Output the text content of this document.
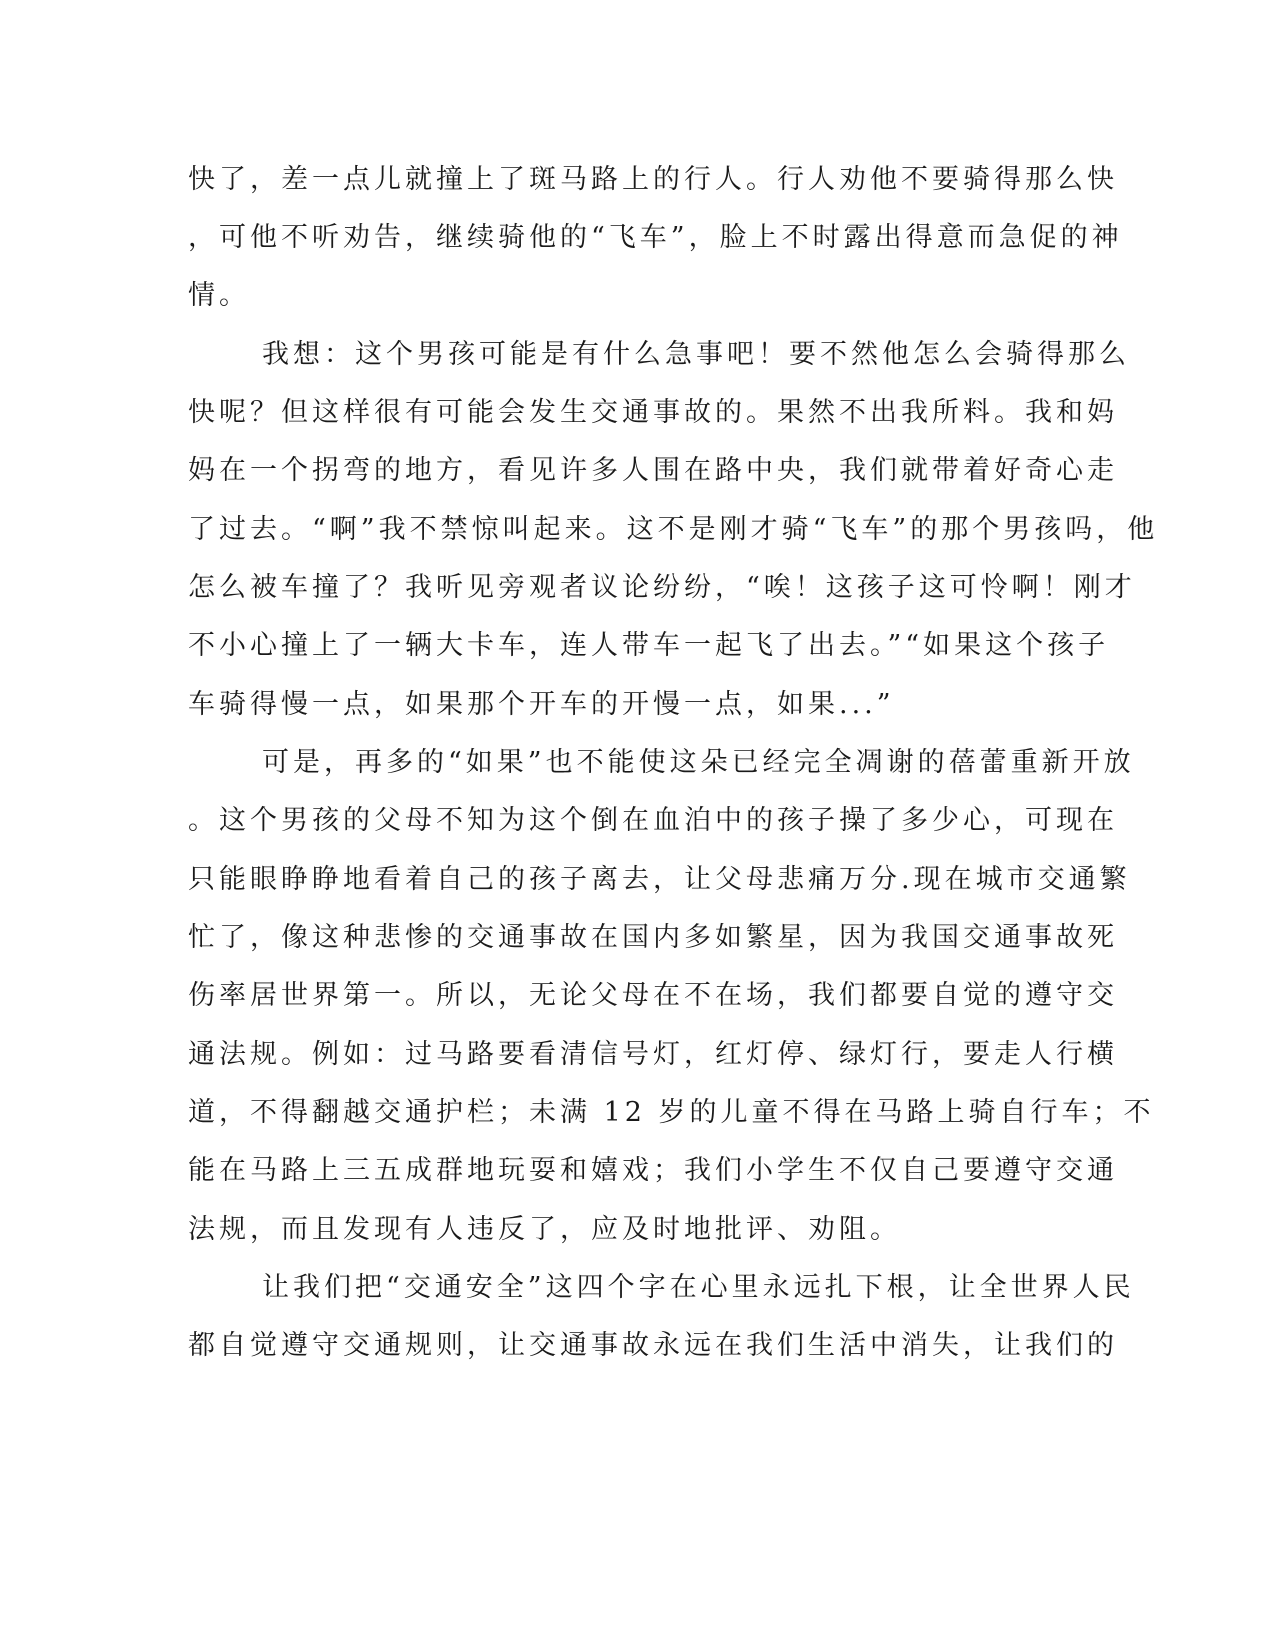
快了，差一点儿就撞上了斑马路上的行人。行人劝他不要骑得那么快
，可他不听劝告，继续骑他的“飞车”，脸上不时露出得意而急促的神
情。
我想：这个男孩可能是有什么急事吧！要不然他怎么会骑得那么
快呢？但这样很有可能会发生交通事故的。果然不出我所料。我和妈
妈在一个拐弯的地方，看见许多人围在路中央，我们就带着好奇心走
了过去。“啊”我不禁惊叫起来。这不是刚才骑“飞车”的那个男孩吗，他
怎么被车撞了？我听见旁观者议论纷纷，“唉！这孩子这可怜啊！刚才
不小心撞上了一辆大卡车，连人带车一起飞了出去。”“如果这个孩子
车骑得慢一点，如果那个开车的开慢一点，如果...”
可是，再多的“如果”也不能使这朵已经完全凋谢的蓓蕾重新开放
。这个男孩的父母不知为这个倒在血泊中的孩子操了多少心，可现在
只能眼睁睁地看着自己的孩子离去，让父母悲痛万分.现在城市交通繁
忙了，像这种悲惨的交通事故在国内多如繁星，因为我国交通事故死
伤率居世界第一。所以，无论父母在不在场，我们都要自觉的遵守交
通法规。例如：过马路要看清信号灯，红灯停、绿灯行，要走人行横
道，不得翻越交通护栏；未满 12 岁的儿童不得在马路上骑自行车；不
能在马路上三五成群地玩耍和嬉戏；我们小学生不仅自己要遵守交通
法规，而且发现有人违反了，应及时地批评、劝阻。
让我们把“交通安全”这四个字在心里永远扎下根，让全世界人民
都自觉遵守交通规则，让交通事故永远在我们生活中消失，让我们的
